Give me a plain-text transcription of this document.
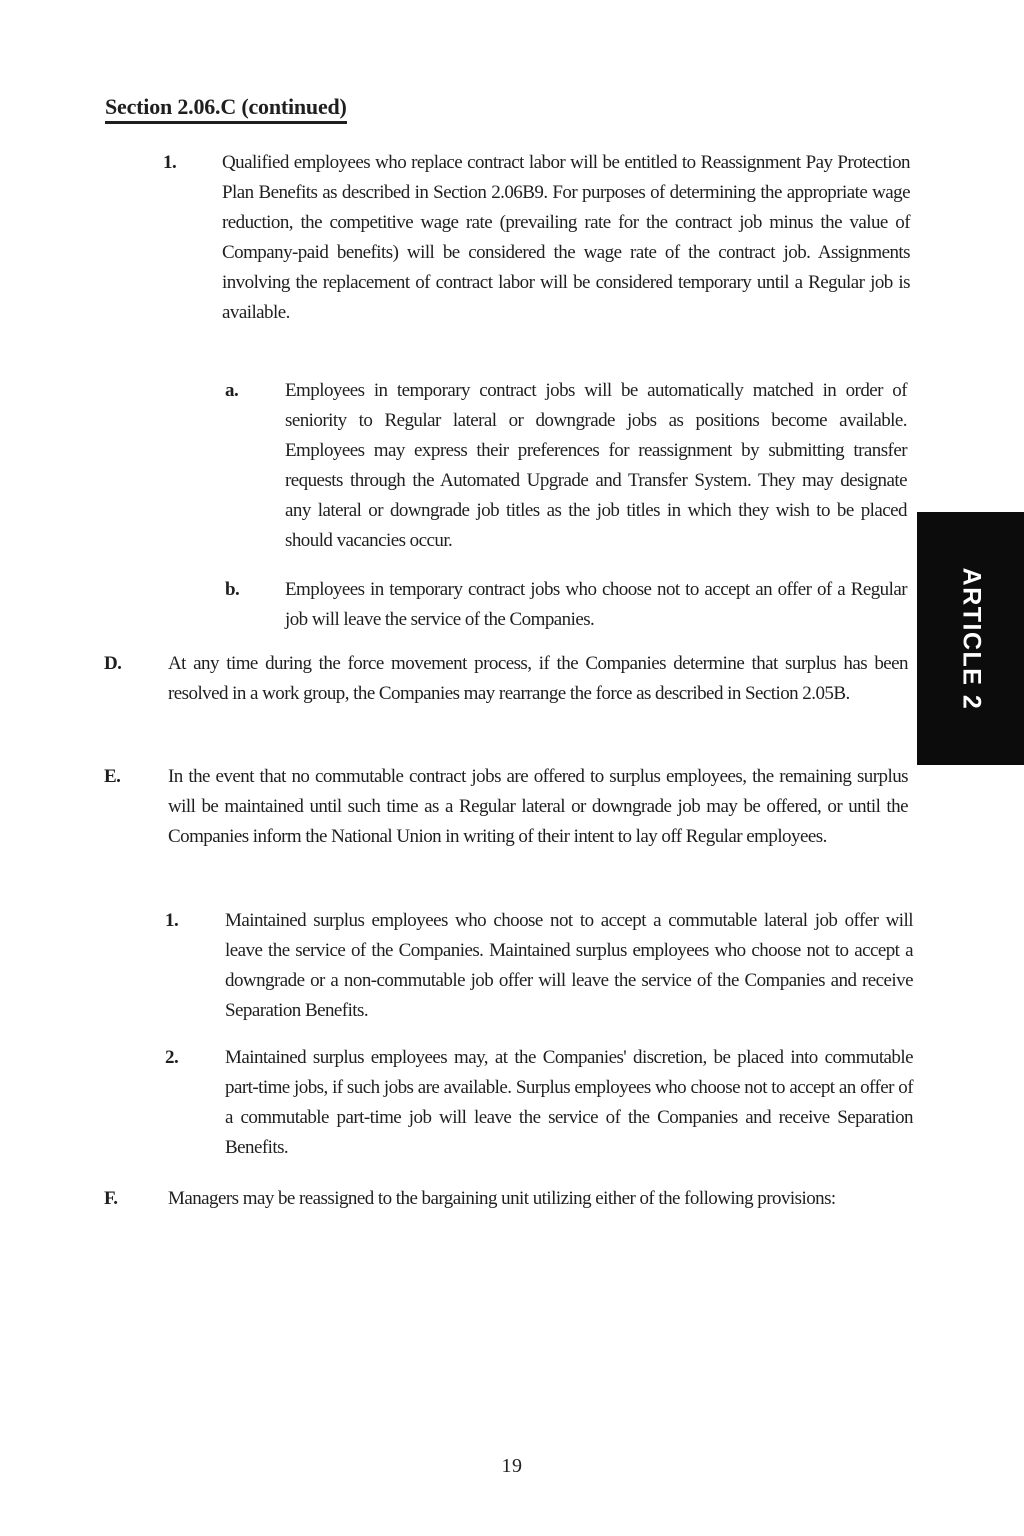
Section 2.06.C (continued)
1. Qualified employees who replace contract labor will be entitled to Reassignment Pay Protection Plan Benefits as described in Section 2.06B9. For purposes of determining the appropriate wage reduction, the competitive wage rate (prevailing rate for the contract job minus the value of Company-paid benefits) will be considered the wage rate of the contract job. Assignments involving the replacement of contract labor will be considered temporary until a Regular job is available.

a. Employees in temporary contract jobs will be automatically matched in order of seniority to Regular lateral or downgrade jobs as positions become available. Employees may express their preferences for reassignment by submitting transfer requests through the Automated Upgrade and Transfer System. They may designate any lateral or downgrade job titles as the job titles in which they wish to be placed should vacancies occur.

b. Employees in temporary contract jobs who choose not to accept an offer of a Regular job will leave the service of the Companies.

D. At any time during the force movement process, if the Companies determine that surplus has been resolved in a work group, the Companies may rearrange the force as described in Section 2.05B.

E.	In the event that no commutable contract jobs are offered to surplus employees, the remaining surplus will be maintained until such time as a Regular lateral or downgrade job may be offered, or until the Companies inform the National Union in writing of their intent to lay off Regular employees.

1. Maintained surplus employees who choose not to accept a commutable lateral job offer will leave the service of the Companies. Maintained surplus employees who choose not to accept a downgrade or a non-commutable job offer will leave the service of the Companies and receive Separation Benefits.

2. Maintained surplus employees may, at the Companies' discretion, be placed into commutable part-time jobs, if such jobs are available. Surplus employees who choose not to accept an offer of a commutable part-time job will leave the service of the Companies and receive Separation Benefits.

F.	Managers may be reassigned to the bargaining unit utilizing either of the following provisions:

ARTICLE 2
19
